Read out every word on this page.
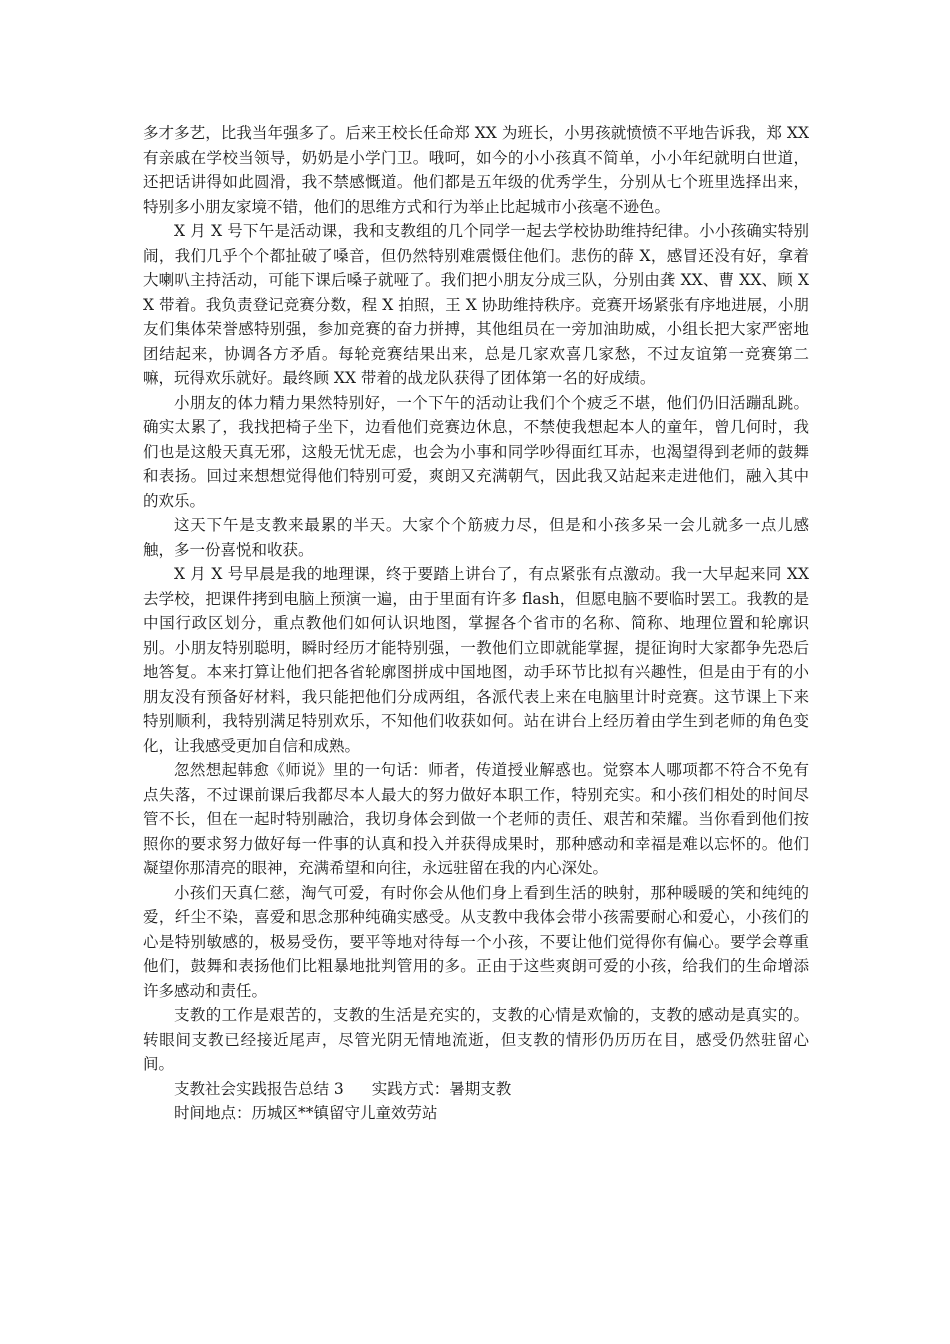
多才多艺，比我当年强多了。后来王校长任命郑 XX 为班长，小男孩就愤愤不平地告诉我，郑 XX 有亲戚在学校当领导，奶奶是小学门卫。哦呵，如今的小小孩真不简单，小小年纪就明白世道，还把话讲得如此圆滑，我不禁感慨道。他们都是五年级的优秀学生，分别从七个班里选择出来，特别多小朋友家境不错，他们的思维方式和行为举止比起城市小孩毫不逊色。

X 月 X 号下午是活动课，我和支教组的几个同学一起去学校协助维持纪律。小小孩确实特别闹，我们几乎个个都扯破了嗓音，但仍然特别难震慑住他们。悲伤的薛 X，感冒还没有好，拿着大喇叭主持活动，可能下课后嗓子就哑了。我们把小朋友分成三队，分别由龚 XX、曹 XX、顾 XX 带着。我负责登记竞赛分数，程 X 拍照，王 X 协助维持秩序。竞赛开场紧张有序地进展，小朋友们集体荣誉感特别强，参加竞赛的奋力拼搏，其他组员在一旁加油助威，小组长把大家严密地团结起来，协调各方矛盾。每轮竞赛结果出来，总是几家欢喜几家愁，不过友谊第一竞赛第二嘛，玩得欢乐就好。最终顾 XX 带着的战龙队获得了团体第一名的好成绩。

小朋友的体力精力果然特别好，一个下午的活动让我们个个疲乏不堪，他们仍旧活蹦乱跳。确实太累了，我找把椅子坐下，边看他们竞赛边休息，不禁使我想起本人的童年，曾几何时，我们也是这般天真无邪，这般无忧无虑，也会为小事和同学吵得面红耳赤，也渴望得到老师的鼓舞和表扬。回过来想想觉得他们特别可爱，爽朗又充满朝气，因此我又站起来走进他们，融入其中的欢乐。

这天下午是支教来最累的半天。大家个个筋疲力尽，但是和小孩多呆一会儿就多一点儿感触，多一份喜悦和收获。

X 月 X 号早晨是我的地理课，终于要踏上讲台了，有点紧张有点激动。我一大早起来同 XX 去学校，把课件拷到电脑上预演一遍，由于里面有许多 flash，但愿电脑不要临时罢工。我教的是中国行政区划分，重点教他们如何认识地图，掌握各个省市的名称、简称、地理位置和轮廓识别。小朋友特别聪明，瞬时经历才能特别强，一教他们立即就能掌握，提征询时大家都争先恐后地答复。本来打算让他们把各省轮廓图拼成中国地图，动手环节比拟有兴趣性，但是由于有的小朋友没有预备好材料，我只能把他们分成两组，各派代表上来在电脑里计时竞赛。这节课上下来特别顺利，我特别满足特别欢乐，不知他们收获如何。站在讲台上经历着由学生到老师的角色变化，让我感受更加自信和成熟。

忽然想起韩愈《师说》里的一句话：师者，传道授业解惑也。觉察本人哪项都不符合不免有点失落，不过课前课后我都尽本人最大的努力做好本职工作，特别充实。和小孩们相处的时间尽管不长，但在一起时特别融洽，我切身体会到做一个老师的责任、艰苦和荣耀。当你看到他们按照你的要求努力做好每一件事的认真和投入并获得成果时，那种感动和幸福是难以忘怀的。他们凝望你那清亮的眼神，充满希望和向往，永远驻留在我的内心深处。

小孩们天真仁慈，淘气可爱，有时你会从他们身上看到生活的映射，那种暖暖的笑和纯纯的爱，纤尘不染，喜爱和思念那种纯确实感受。从支教中我体会带小孩需要耐心和爱心，小孩们的心是特别敏感的，极易受伤，要平等地对待每一个小孩，不要让他们觉得你有偏心。要学会尊重他们，鼓舞和表扬他们比粗暴地批判管用的多。正由于这些爽朗可爱的小孩，给我们的生命增添许多感动和责任。

支教的工作是艰苦的，支教的生活是充实的，支教的心情是欢愉的，支教的感动是真实的。转眼间支教已经接近尾声，尽管光阴无情地流逝，但支教的情形仍历历在目，感受仍然驻留心间。

支教社会实践报告总结 3 实践方式：暑期支教

时间地点：历城区**镇留守儿童效劳站
